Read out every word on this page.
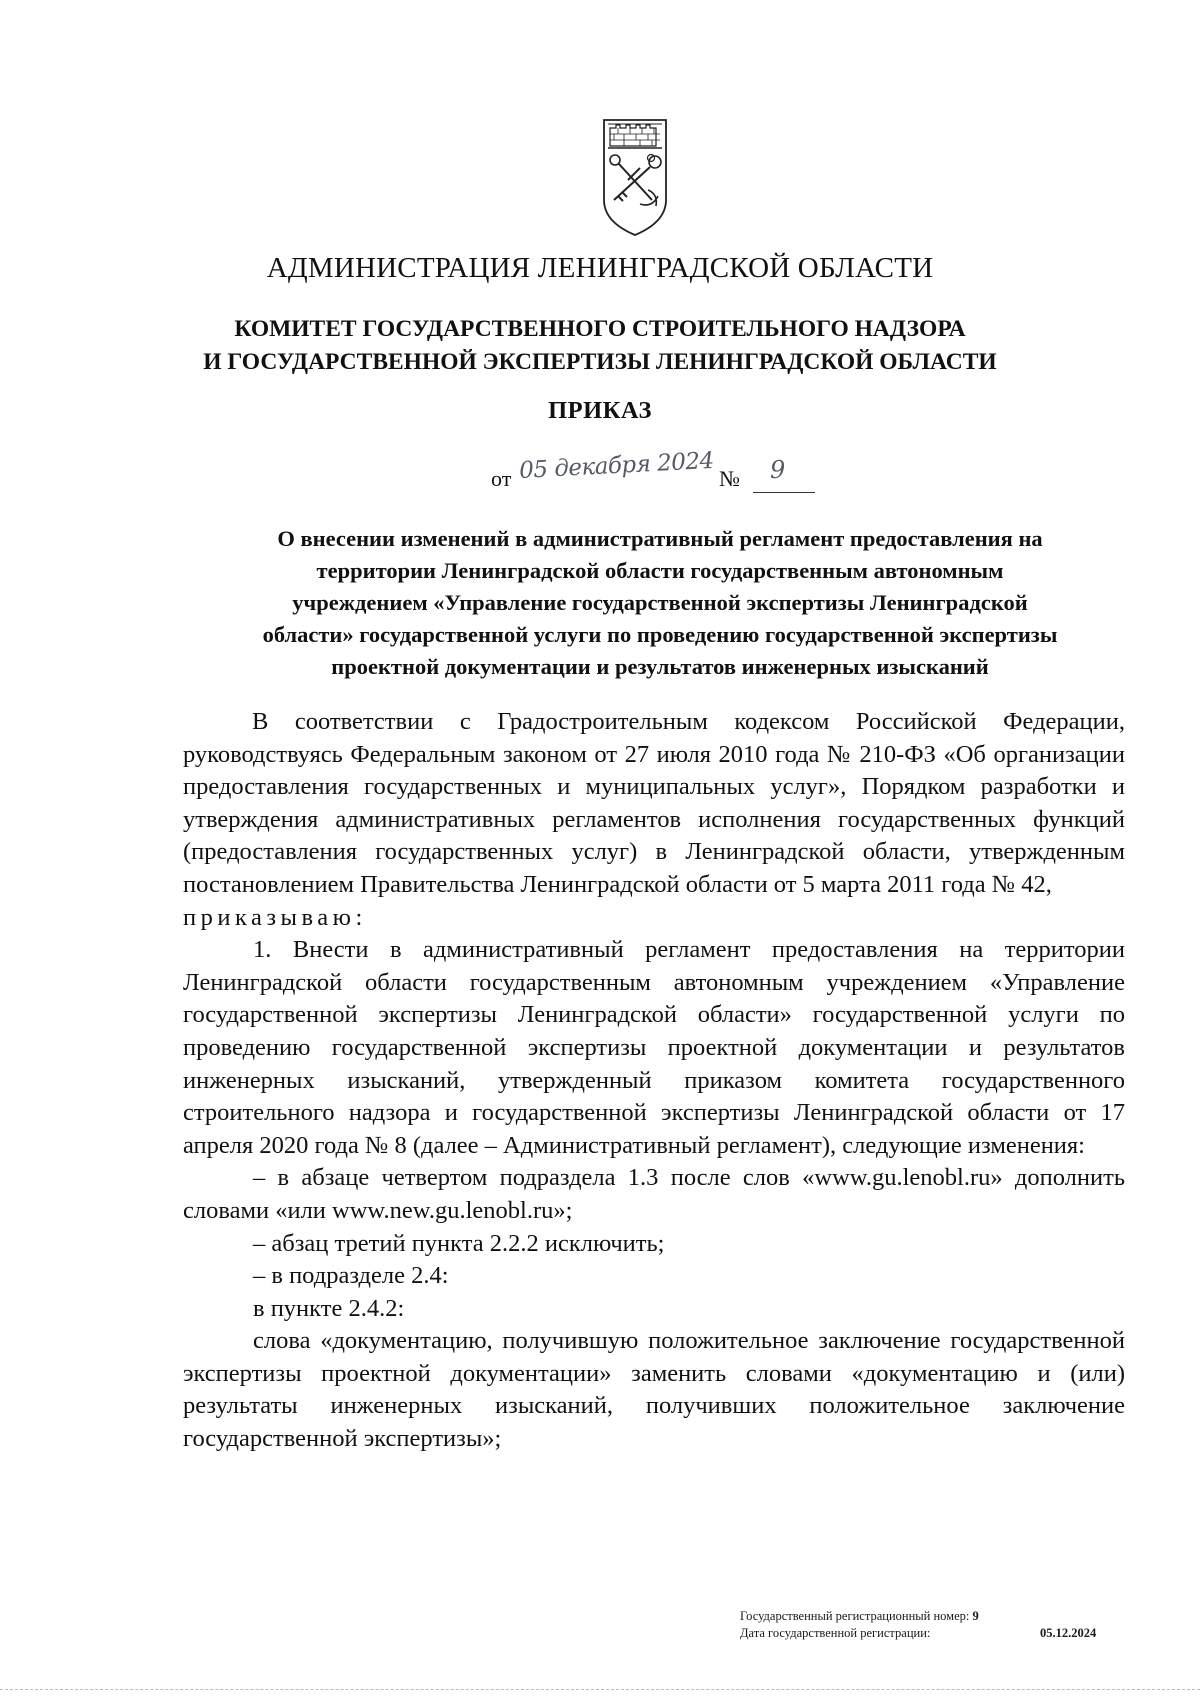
АДМИНИСТРАЦИЯ ЛЕНИНГРАДСКОЙ ОБЛАСТИ
КОМИТЕТ ГОСУДАРСТВЕННОГО СТРОИТЕЛЬНОГО НАДЗОРА
И ГОСУДАРСТВЕННОЙ ЭКСПЕРТИЗЫ ЛЕНИНГРАДСКОЙ ОБЛАСТИ
ПРИКАЗ
от 05 декабря 2024 № 9
О внесении изменений в административный регламент предоставления на
территории Ленинградской области государственным автономным
учреждением «Управление государственной экспертизы Ленинградской
области» государственной услуги по проведению государственной экспертизы
проектной документации и результатов инженерных изысканий

В соответствии с Градостроительным кодексом Российской Федерации, руководствуясь Федеральным законом от 27 июля 2010 года № 210-ФЗ «Об организации предоставления государственных и муниципальных услуг», Порядком разработки и утверждения административных регламентов исполнения государственных функций (предоставления государственных услуг) в Ленинградской области, утвержденным постановлением Правительства Ленинградской области от 5 марта 2011 года № 42,

приказываю:

1. Внести в административный регламент предоставления на территории Ленинградской области государственным автономным учреждением «Управление государственной экспертизы Ленинградской области» государственной услуги по проведению государственной экспертизы проектной документации и результатов инженерных изысканий, утвержденный приказом комитета государственного строительного надзора и государственной экспертизы Ленинградской области от 17 апреля 2020 года № 8 (далее – Административный регламент), следующие изменения:

– в абзаце четвертом подраздела 1.3 после слов «www.gu.lenobl.ru» дополнить словами «или www.new.gu.lenobl.ru»;

– абзац третий пункта 2.2.2 исключить;

– в подразделе 2.4:

в пункте 2.4.2:

слова «документацию, получившую положительное заключение государственной экспертизы проектной документации» заменить словами «документацию и (или) результаты инженерных изысканий, получивших положительное заключение государственной экспертизы»;

Государственный регистрационный номер: 9
Дата государственной регистрации:	05.12.2024
